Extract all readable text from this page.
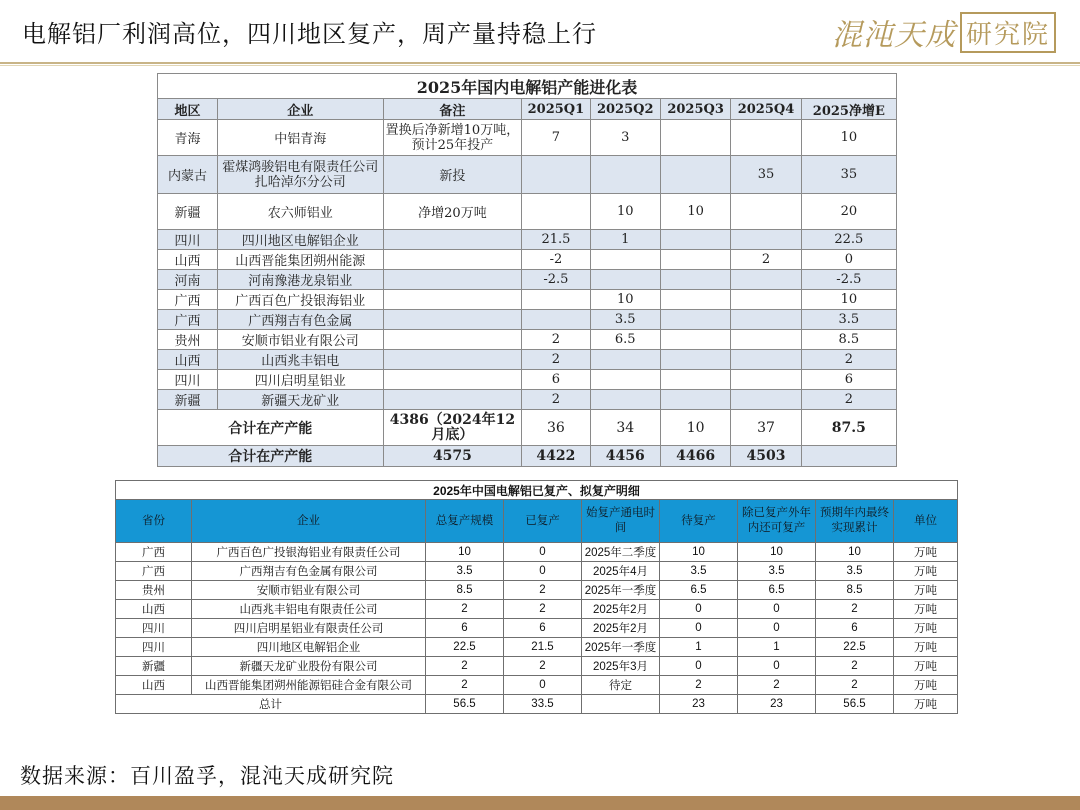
电解铝厂利润高位，四川地区复产，周产量持稳上行	混沌天成 研究院
2025年国内电解铝产能进化表							
地区	企业	备注	2025Q1	2025Q2	2025Q3	2025Q4	2025净增E
青海	中铝青海	置换后净新增10万吨，预计25年投产	7	3			10
内蒙古	霍煤鸿骏铝电有限责任公司扎哈淖尔分公司	新投				35	35
新疆	农六师铝业	净增20万吨		10	10		20
四川	四川地区电解铝企业		21.5	1			22.5
山西	山西晋能集团朔州能源		-2			2	0
河南	河南豫港龙泉铝业		-2.5				-2.5
广西	广西百色广投银海铝业			10			10
广西	广西翔吉有色金属			3.5			3.5
贵州	安顺市铝业有限公司		2	6.5			8.5
山西	山西兆丰铝电		2				2
四川	四川启明星铝业		6				6
新疆	新疆天龙矿业		2				2
合计在产产能		4386（2024年12月底）	36	34	10	37	87.5
合计在产产能		4575	4422	4456	4466	4503	
2025年中国电解铝已复产、拟复产明细								
省份	企业	总复产规模	已复产	始复产通电时间	待复产	除已复产外年内还可复产	预期年内最终实现累计	单位
广西	广西百色广投银海铝业有限责任公司	10	0	2025年二季度	10	10	10	万吨
广西	广西翔吉有色金属有限公司	3.5	0	2025年4月	3.5	3.5	3.5	万吨
贵州	安顺市铝业有限公司	8.5	2	2025年一季度	6.5	6.5	8.5	万吨
山西	山西兆丰铝电有限责任公司	2	2	2025年2月	0	0	2	万吨
四川	四川启明星铝业有限责任公司	6	6	2025年2月	0	0	6	万吨
四川	四川地区电解铝企业	22.5	21.5	2025年一季度	1	1	22.5	万吨
新疆	新疆天龙矿业股份有限公司	2	2	2025年3月	0	0	2	万吨
山西	山西晋能集团朔州能源铝硅合金有限公司	2	0	待定	2	2	2	万吨
总计		56.5	33.5		23	23	56.5	万吨
数据来源：百川盈孚，混沌天成研究院
